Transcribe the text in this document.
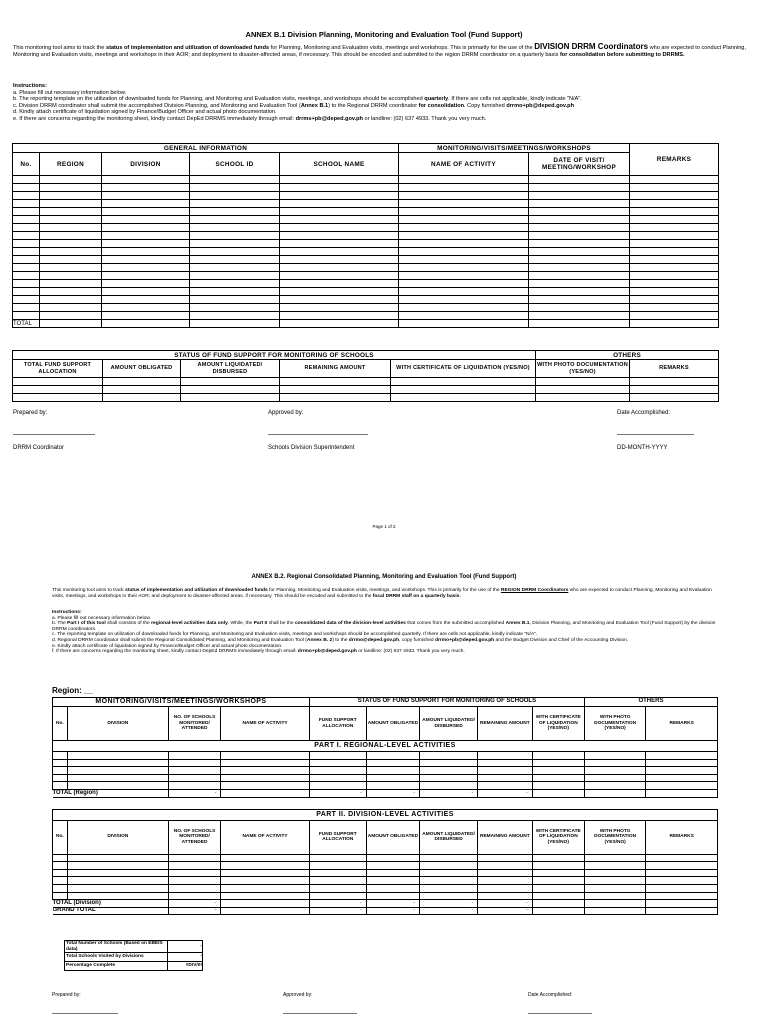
ANNEX B.1 Division Planning, Monitoring and Evaluation Tool (Fund Support)
This monitoring tool aims to track the status of implementation and utilization of downloaded funds for Planning, Monitoring and Evaluation visits, meetings and workshops. This is primarily for the use of the DIVISION DRRM Coordinators who are expected to conduct Planning, Monitoring and Evaluation visits, meetings and workshops in their AOR; and deployment to disaster-affected areas, if necessary. This should be encoded and submitted to the region DRRM coordinator on a quarterly basis for consolidation before submitting to DRRMS.
Instructions:
a. Please fill out necessary information below.
b. The reporting template on the utilization of downloaded funds for Planning, and Monitoring and Evaluation visits, meetings, and workshops should be accomplished quarterly. If there are cells not applicable, kindly indicate "N/A".
c. Division DRRM coordinator shall submit the accomplished Division Planning, and Monitoring and Evaluation Tool (Annex B.1) to the Regional DRRM coordinator for consolidation. Copy furnished drrmo+pb@deped.gov.ph
d. Kindly attach certificate of liquidation signed by Finance/Budget Officer and actual photo documentation.
e. If there are concerns regarding the monitoring sheet, kindly contact DepEd DRRMS immediately through email: drrms+pb@deped.gov.ph or landline: (02) 637 4933. Thank you very much.
GENERAL INFORMATION					MONITORING/VISITS/MEETINGS/WORKSHOPS		REMARKS
No.	REGION	DIVISION	SCHOOL ID	SCHOOL NAME	NAME OF ACTIVITY	DATE OF VISIT/ MEETING/WORKSHOP	

TOTAL							
STATUS OF FUND SUPPORT FOR MONITORING OF SCHOOLS					OTHERS	
TOTAL FUND SUPPORT ALLOCATION	AMOUNT OBLIGATED	AMOUNT LIQUIDATED/ DISBURSED	REMAINING AMOUNT	WITH CERTIFICATE OF LIQUIDATION (YES/NO)	WITH PHOTO DOCUMENTATION (YES/NO)	REMARKS

Prepared by:	Approved by:	Date Accomplished:
DRRM Coordinator	Schools Division Superintendent	DD-MONTH-YYYY
Page 1 of 2
ANNEX B.2. Regional Consolidated Planning, Monitoring and Evaluation Tool (Fund Support)
This monitoring tool aims to track status of implementation and utilization of downloaded funds for Planning, Monitoring and Evaluation visits, meetings, and workshops. This is primarily for the use of the REGION DRRM Coordinators who are expected to conduct Planning, Monitoring and Evaluation visits, meetings, and workshops in their AOR; and deployment to disaster-affected areas, if necessary. This should be encoded and submitted to the focal DRRM staff on a quarterly basis.
Instructions:
a. Please fill out necessary information below.
b. The Part I of this tool shall consists of the regional-level activities data only. While, the Part II shall be the consolidated data of the division-level activities that comes from the submitted accomplished Annex B.1, Division Planning, and Monitoring and Evaluation Tool (Fund Support) by the division DRRM coordinators.
c. The reporting template on utilization of downloaded funds for Planning, and Monitoring and Evaluation visits, meetings and workshops should be accomplished quarterly. If there are cells not applicable, kindly indicate "N/A".
d. Regional DRRM coordinator shall submit the Regional Consolidated Planning, and Monitoring and Evaluation Tool (Annex B. 2) to the drrmo@deped.gov.ph, copy furnished drrmo+pb@deped.gov.ph and the Budget Division and Chief of the Accounting Division.
e. Kindly attach certificate of liquidation signed by Finance/Budget Officer and actual photo documentation.
f. If there are concerns regarding the monitoring sheet, kindly contact DepEd DRRMS immediately through email: drrmo+pb@deped.gov.ph or landline: (02) 637 4933. Thank you very much.
Region: __
MONITORING/VISITS/MEETINGS/WORKSHOPS				STATUS OF FUND SUPPORT FOR MONITORING OF SCHOOLS					OTHERS	
No.	DIVISION	NO. OF SCHOOLS MONITORED/ ATTENDED	NAME OF ACTIVITY	FUND SUPPORT ALLOCATION	AMOUNT OBLIGATED	AMOUNT LIQUIDATED/ DISBURSED	REMAINING AMOUNT	WITH CERTIFICATE OF LIQUIDATION (YES/NO)	WITH PHOTO DOCUMENTATION (YES/NO)	REMARKS
PART I. REGIONAL-LEVEL ACTIVITIES										

TOTAL (Region)		-		-	-	-	-			

PART II. DIVISION-LEVEL ACTIVITIES										
No.	DIVISION	NO. OF SCHOOLS MONITORED/ ATTENDED	NAME OF ACTIVITY	FUND SUPPORT ALLOCATION	AMOUNT OBLIGATED	AMOUNT LIQUIDATED/ DISBURSED	REMAINING AMOUNT	WITH CERTIFICATE OF LIQUIDATION (YES/NO)	WITH PHOTO DOCUMENTATION (YES/NO)	REMARKS

TOTAL (Division)		-		-	-	-	-			
GRAND TOTAL		-		-	-	-	-			
Total Number of Schools (Based on EBEIS data)	-
Total Schools Visited by Divisions	-
Percentage Complete	#DIV/0!
Prepared by:	Approved by:	Date Accomplished:
